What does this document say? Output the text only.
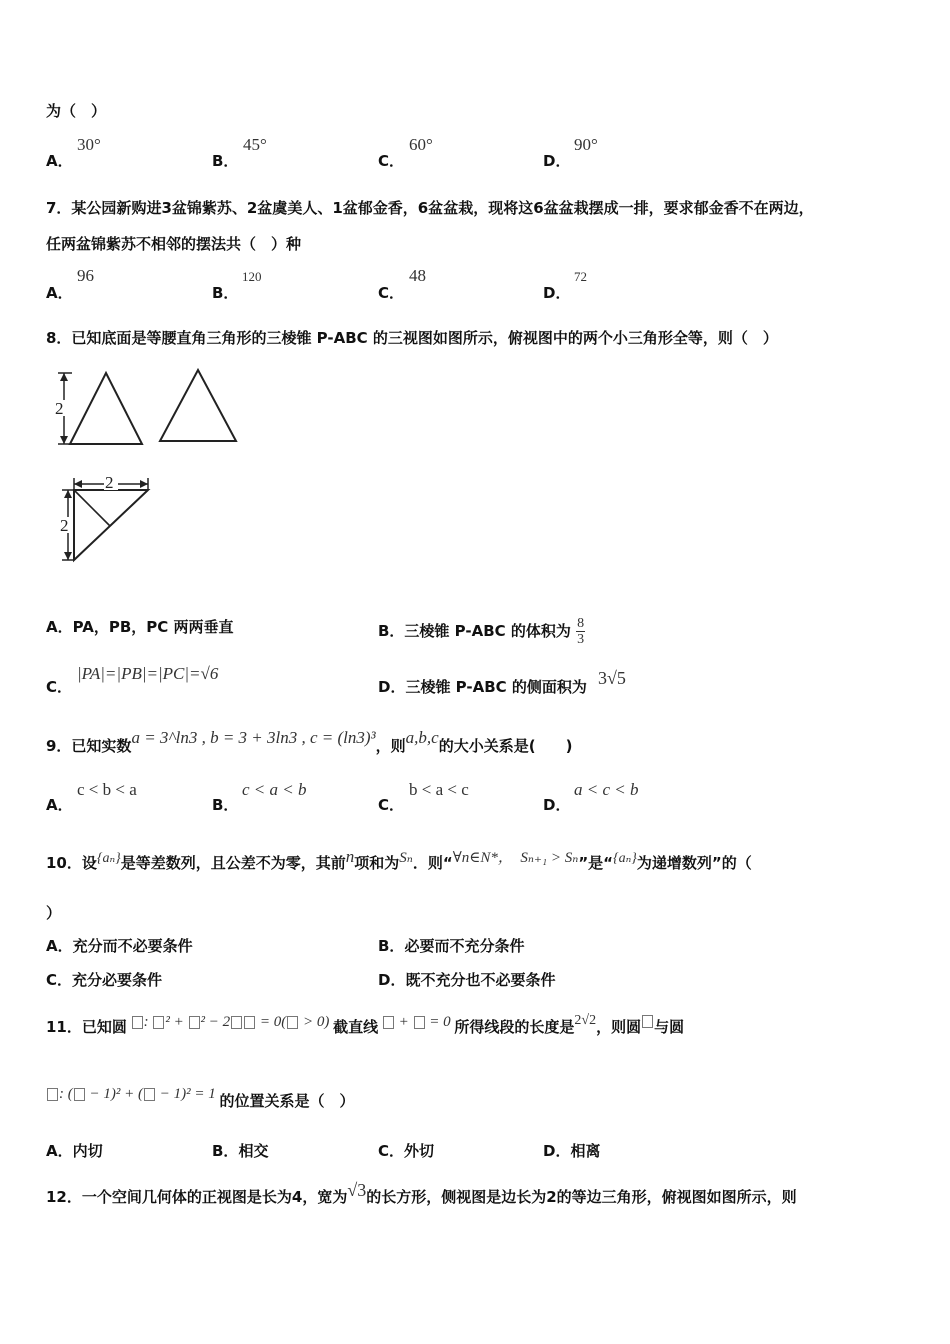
为（　）
A．
30°
B．
45°
C．
60°
D．
90°
7．某公园新购进3盆锦紫苏、2盆虞美人、1盆郁金香，6盆盆栽，现将这6盆盆栽摆成一排，要求郁金香不在两边，
任两盆锦紫苏不相邻的摆法共（　）种
A．
96
B．
120
C．
48
D．
72
8．已知底面是等腰直角三角形的三棱锥 P-ABC 的三视图如图所示，俯视图中的两个小三角形全等，则（　）
2
2
2
A．PA，PB，PC 两两垂直	B．三棱锥 P-ABC 的体积为 $\frac{8}{3}$
C．
|PA|=|PB|=|PC|=√6
D．三棱锥 P-ABC 的侧面积为 3√5
9．已知实数a = 3^ln3 , b = 3 + 3ln3 , c = (ln3)³，则a,b,c的大小关系是(　　)
A．
c < b < a
B．
c < a < b
C．
b < a < c
D．
a < c < b
10．设{aₙ}是等差数列，且公差不为零，其前n项和为Sₙ．则“∀n∈N*，　Sₙ₊₁ > Sₙ”是“{aₙ}为递增数列”的（
）
A．充分而不必要条件	B．必要而不充分条件
C．充分必要条件	D．既不充分也不必要条件
11．已知圆 : ² + ² − 2 = 0( > 0) 截直线  +  = 0 所得线段的长度是2√2，则圆 与圆
: ( − 1)² + ( − 1)² = 1 的位置关系是（　）
A．内切	B．相交	C．外切	D．相离
12．一个空间几何体的正视图是长为4，宽为√3的长方形，侧视图是边长为2的等边三角形，俯视图如图所示，则
